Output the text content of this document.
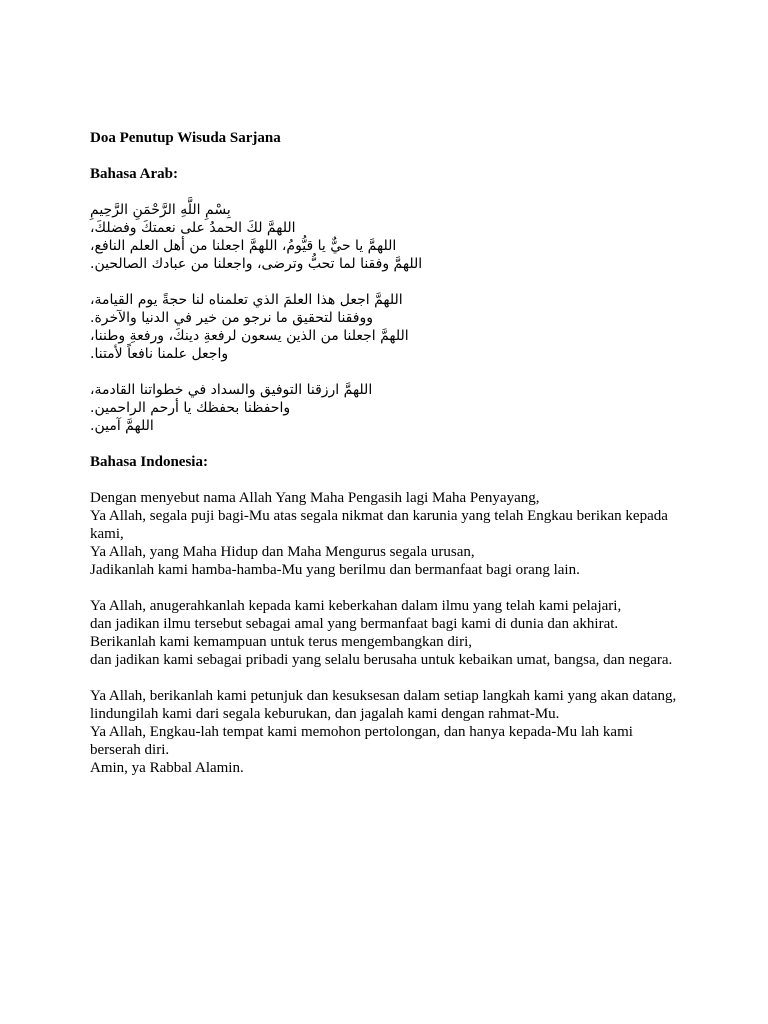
Doa Penutup Wisuda Sarjana

Bahasa Arab:

بِسْمِ اللَّهِ الرَّحْمَنِ الرَّحِيمِ

اللهمَّ لكَ الحمدُ على نعمتكَ وفضلكَ،

اللهمَّ يا حيٌّ يا قيُّومُ، اللهمَّ اجعلنا من أهل العلم النافع،

اللهمَّ وفقنا لما تحبُّ وترضى، واجعلنا من عبادك الصالحين.

اللهمَّ اجعل هذا العلمَ الذي تعلمناه لنا حجةً يوم القيامة،

ووفقنا لتحقيق ما نرجو من خير في الدنيا والآخرة.

اللهمَّ اجعلنا من الذين يسعون لرفعةِ دينكَ، ورفعةِ وطننا،

واجعل علمنا نافعاً لأمتنا.

اللهمَّ ارزقنا التوفيق والسداد في خطواتنا القادمة،

واحفظنا بحفظك يا أرحم الراحمين.

اللهمَّ آمين.

Bahasa Indonesia:

Dengan menyebut nama Allah Yang Maha Pengasih lagi Maha Penyayang,

Ya Allah, segala puji bagi-Mu atas segala nikmat dan karunia yang telah Engkau berikan kepada kami,

Ya Allah, yang Maha Hidup dan Maha Mengurus segala urusan,

Jadikanlah kami hamba-hamba-Mu yang berilmu dan bermanfaat bagi orang lain.

Ya Allah, anugerahkanlah kepada kami keberkahan dalam ilmu yang telah kami pelajari,

dan jadikan ilmu tersebut sebagai amal yang bermanfaat bagi kami di dunia dan akhirat.

Berikanlah kami kemampuan untuk terus mengembangkan diri,

dan jadikan kami sebagai pribadi yang selalu berusaha untuk kebaikan umat, bangsa, dan negara.

Ya Allah, berikanlah kami petunjuk dan kesuksesan dalam setiap langkah kami yang akan datang,

lindungilah kami dari segala keburukan, dan jagalah kami dengan rahmat-Mu.

Ya Allah, Engkau-lah tempat kami memohon pertolongan, dan hanya kepada-Mu lah kami berserah diri.

Amin, ya Rabbal Alamin.
